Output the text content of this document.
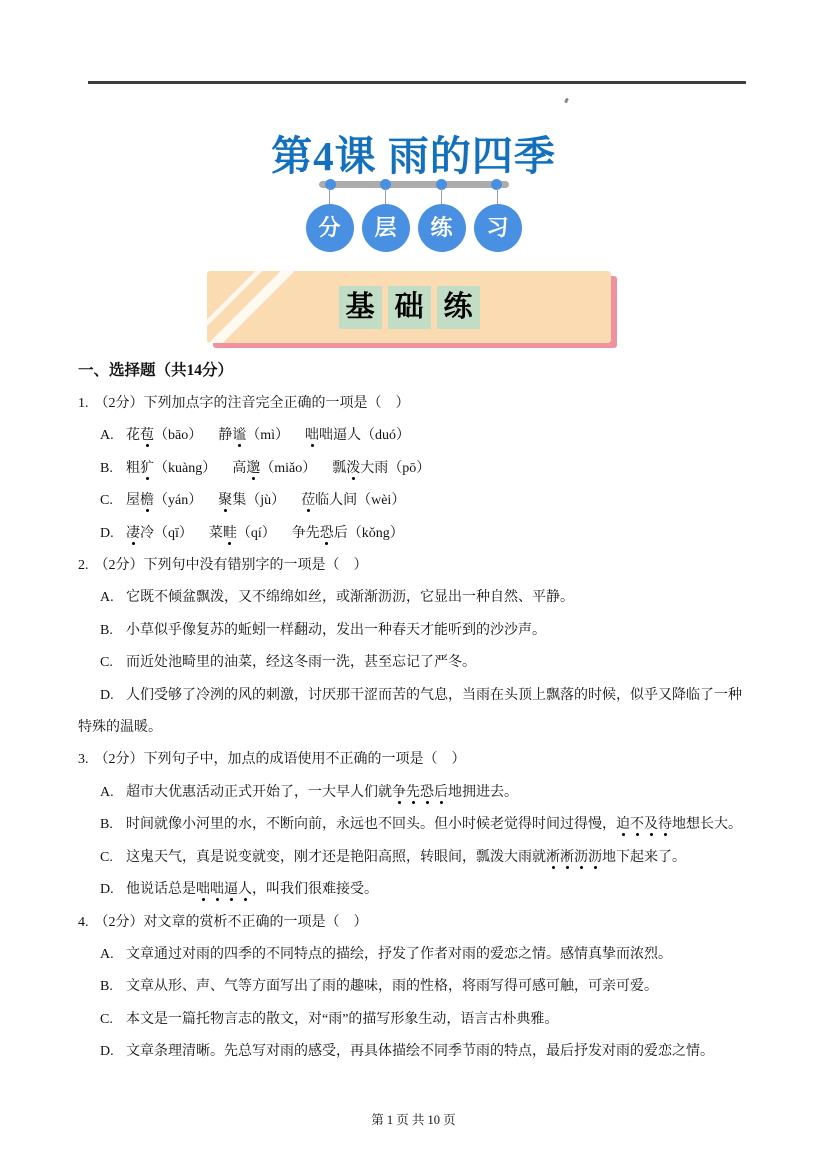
第4课 雨的四季
分	层	练	习
基 础 练
一、选择题（共14分）
1. （2分）下列加点字的注音完全正确的一项是（　）
A. 花苞（bāo） 静谧（mì） 咄咄逼人（duó）
B. 粗犷（kuàng） 高邈（miǎo） 瓢泼大雨（pō）
C. 屋檐（yán） 聚集（jù） 莅临人间（wèi）
D. 凄冷（qī） 菜畦（qí） 争先恐后（kǒng）
2. （2分）下列句中没有错别字的一项是（　）
A. 它既不倾盆飘泼，又不绵绵如丝，或渐渐沥沥，它显出一种自然、平静。
B. 小草似乎像复苏的蚯蚓一样翻动，发出一种春天才能听到的沙沙声。
C. 而近处池畸里的油菜，经这冬雨一洗，甚至忘记了严冬。
D. 人们受够了冷洌的风的刺激，讨厌那干涩而苦的气息，当雨在头顶上飘落的时候，似乎又降临了一种特殊的温暖。
3. （2分）下列句子中，加点的成语使用不正确的一项是（　）
A. 超市大优惠活动正式开始了，一大早人们就争先恐后地拥进去。
B. 时间就像小河里的水，不断向前，永远也不回头。但小时候老觉得时间过得慢，迫不及待地想长大。
C. 这鬼天气，真是说变就变，刚才还是艳阳高照，转眼间，瓢泼大雨就淅淅沥沥地下起来了。
D. 他说话总是咄咄逼人，叫我们很难接受。
4. （2分）对文章的赏析不正确的一项是（　）
A. 文章通过对雨的四季的不同特点的描绘，抒发了作者对雨的爱恋之情。感情真挚而浓烈。
B. 文章从形、声、气等方面写出了雨的趣味，雨的性格，将雨写得可感可触，可亲可爱。
C. 本文是一篇托物言志的散文，对“雨”的描写形象生动，语言古朴典雅。
D. 文章条理清晰。先总写对雨的感受，再具体描绘不同季节雨的特点，最后抒发对雨的爱恋之情。
第 1 页 共 10 页
